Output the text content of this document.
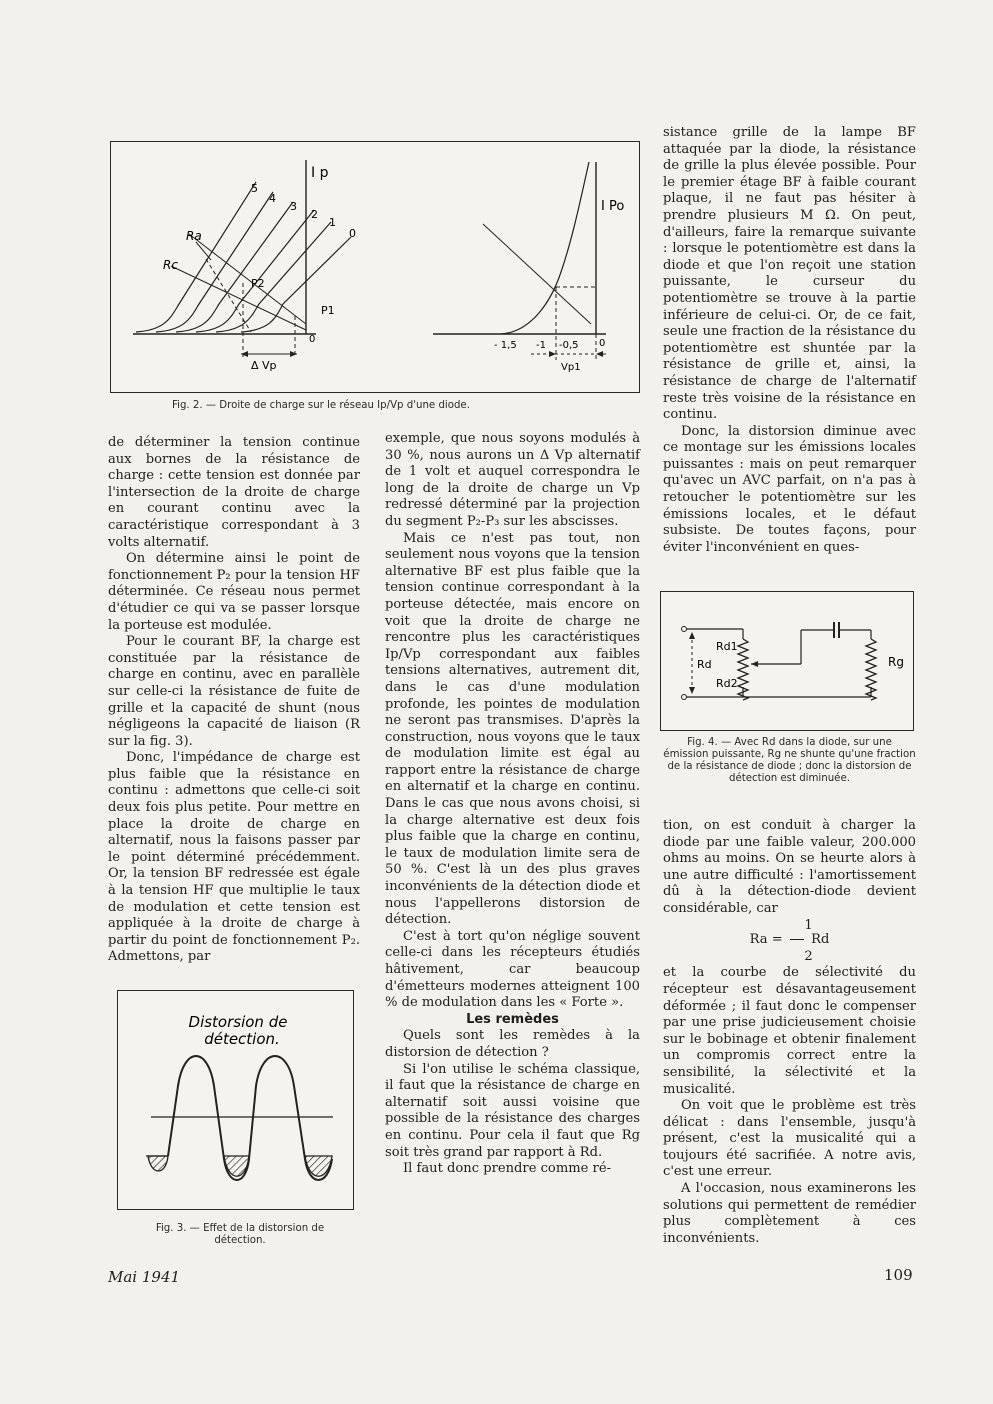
I p
5
4
3
2
1
0
Ra
Rc
P2
P1
0
Δ Vp
I Po
- 1,5 -1 -0,5 0
Vp1
Fig. 2. — Droite de charge sur le réseau Ip/Vp d'une diode.

de déterminer la tension continue aux bornes de la résistance de charge : cette tension est donnée par l'intersection de la droite de charge en courant continu avec la caractéristique correspondant à 3 volts alternatif.

On détermine ainsi le point de fonctionnement P₂ pour la tension HF déterminée. Ce réseau nous permet d'étudier ce qui va se passer lorsque la porteuse est modulée.

Pour le courant BF, la charge est constituée par la résistance de charge en continu, avec en parallèle sur celle-ci la résistance de fuite de grille et la capacité de shunt (nous négligeons la capacité de liaison (R sur la fig. 3).

Donc, l'impédance de charge est plus faible que la résistance en continu : admettons que celle-ci soit deux fois plus petite. Pour mettre en place la droite de charge en alternatif, nous la faisons passer par le point déterminé précédemment. Or, la tension BF redressée est égale à la tension HF que multiplie le taux de modulation et cette tension est appliquée à la droite de charge à partir du point de fonctionnement P₂. Admettons, par

Distorsion de
détection.
Fig. 3. — Effet de la distorsion de détection.

exemple, que nous soyons modulés à 30 %, nous aurons un Δ Vp alternatif de 1 volt et auquel correspondra le long de la droite de charge un Vp redressé déterminé par la projection du segment P₂-P₃ sur les abscisses.

Mais ce n'est pas tout, non seulement nous voyons que la tension alternative BF est plus faible que la tension continue correspondant à la porteuse détectée, mais encore on voit que la droite de charge ne rencontre plus les caractéristiques Ip/Vp correspondant aux faibles tensions alternatives, autrement dit, dans le cas d'une modulation profonde, les pointes de modulation ne seront pas transmises. D'après la construction, nous voyons que le taux de modulation limite est égal au rapport entre la résistance de charge en alternatif et la charge en continu. Dans le cas que nous avons choisi, si la charge alternative est deux fois plus faible que la charge en continu, le taux de modulation limite sera de 50 %. C'est là un des plus graves inconvénients de la détection diode et nous l'appellerons distorsion de détection.

C'est à tort qu'on néglige souvent celle-ci dans les récepteurs étudiés hâtivement, car beaucoup d'émetteurs modernes atteignent 100 % de modulation dans les « Forte ».

Les remèdes

Quels sont les remèdes à la distorsion de détection ?

Si l'on utilise le schéma classique, il faut que la résistance de charge en alternatif soit aussi voisine que possible de la résistance des charges en continu. Pour cela il faut que Rg soit très grand par rapport à Rd.

Il faut donc prendre comme ré-

sistance grille de la lampe BF attaquée par la diode, la résistance de grille la plus élevée possible. Pour le premier étage BF à faible courant plaque, il ne faut pas hésiter à prendre plusieurs M Ω. On peut, d'ailleurs, faire la remarque suivante : lorsque le potentiomètre est dans la diode et que l'on reçoit une station puissante, le curseur du potentiomètre se trouve à la partie inférieure de celui-ci. Or, de ce fait, seule une fraction de la résistance du potentiomètre est shuntée par la résistance de grille et, ainsi, la résistance de charge de l'alternatif reste très voisine de la résistance en continu.

Donc, la distorsion diminue avec ce montage sur les émissions locales puissantes : mais on peut remarquer qu'avec un AVC parfait, on n'a pas à retoucher le potentiomètre sur les émissions locales, et le défaut subsiste. De toutes façons, pour éviter l'inconvénient en ques-

Rd1
Rd
Rd2
Rg
Fig. 4. — Avec Rd dans la diode, sur une émission puissante, Rg ne shunte qu'une fraction de la résistance de diode ; donc la distorsion de détection est diminuée.

tion, on est conduit à charger la diode par une faible valeur, 200.000 ohms au moins. On se heurte alors à une autre difficulté : l'amortissement dû à la détection-diode devient considérable, car

1

Ra = Rd

2

et la courbe de sélectivité du récepteur est désavantageusement déformée ; il faut donc le compenser par une prise judicieusement choisie sur le bobinage et obtenir finalement un compromis correct entre la sensibilité, la sélectivité et la musicalité.

On voit que le problème est très délicat : dans l'ensemble, jusqu'à présent, c'est la musicalité qui a toujours été sacrifiée. A notre avis, c'est une erreur.

A l'occasion, nous examinerons les solutions qui permettent de remédier plus complètement à ces inconvénients.

Mai 1941	109
